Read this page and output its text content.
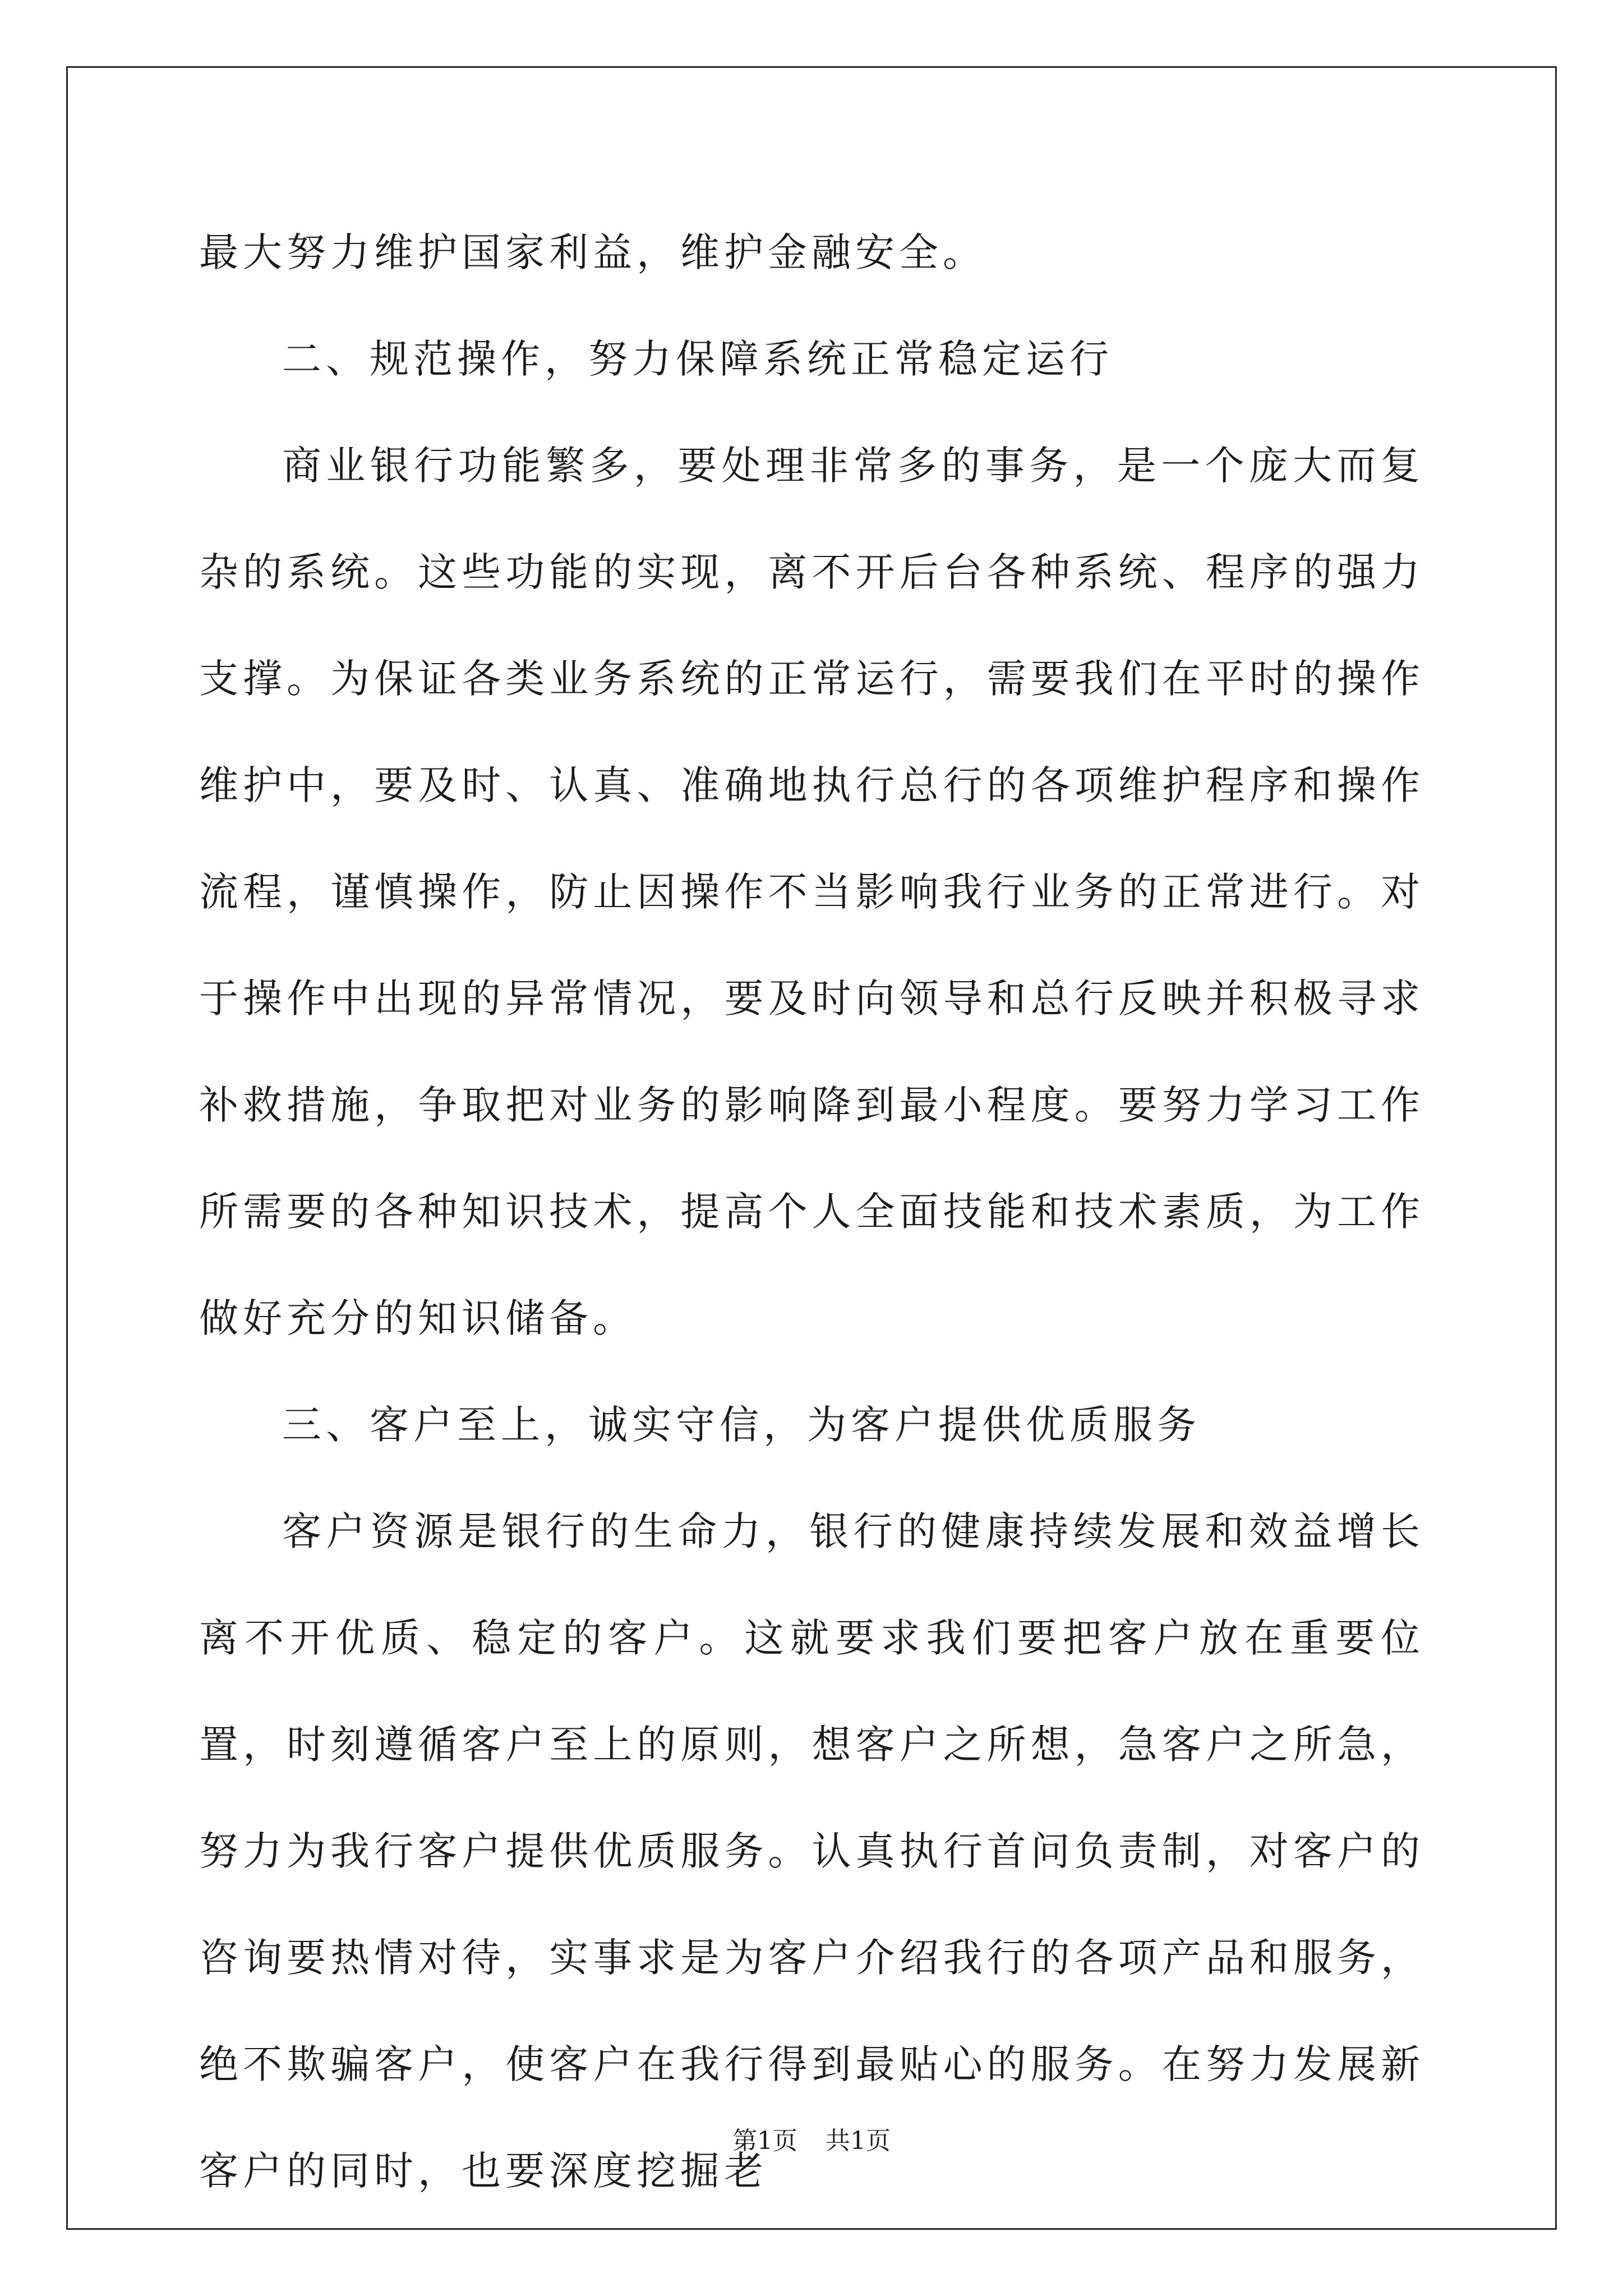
最大努力维护国家利益，维护金融安全。

二、规范操作，努力保障系统正常稳定运行

商业银行功能繁多，要处理非常多的事务，是一个庞大而复杂的系统。这些功能的实现，离不开后台各种系统、程序的强力支撑。为保证各类业务系统的正常运行，需要我们在平时的操作维护中，要及时、认真、准确地执行总行的各项维护程序和操作流程，谨慎操作，防止因操作不当影响我行业务的正常进行。对于操作中出现的异常情况，要及时向领导和总行反映并积极寻求补救措施，争取把对业务的影响降到最小程度。要努力学习工作所需要的各种知识技术，提高个人全面技能和技术素质，为工作做好充分的知识储备。

三、客户至上，诚实守信，为客户提供优质服务

客户资源是银行的生命力，银行的健康持续发展和效益增长离不开优质、稳定的客户。这就要求我们要把客户放在重要位置，时刻遵循客户至上的原则，想客户之所想，急客户之所急，努力为我行客户提供优质服务。认真执行首问负责制，对客户的咨询要热情对待，实事求是为客户介绍我行的各项产品和服务，绝不欺骗客户，使客户在我行得到最贴心的服务。在努力发展新客户的同时，也要深度挖掘老

第1页 共1页
